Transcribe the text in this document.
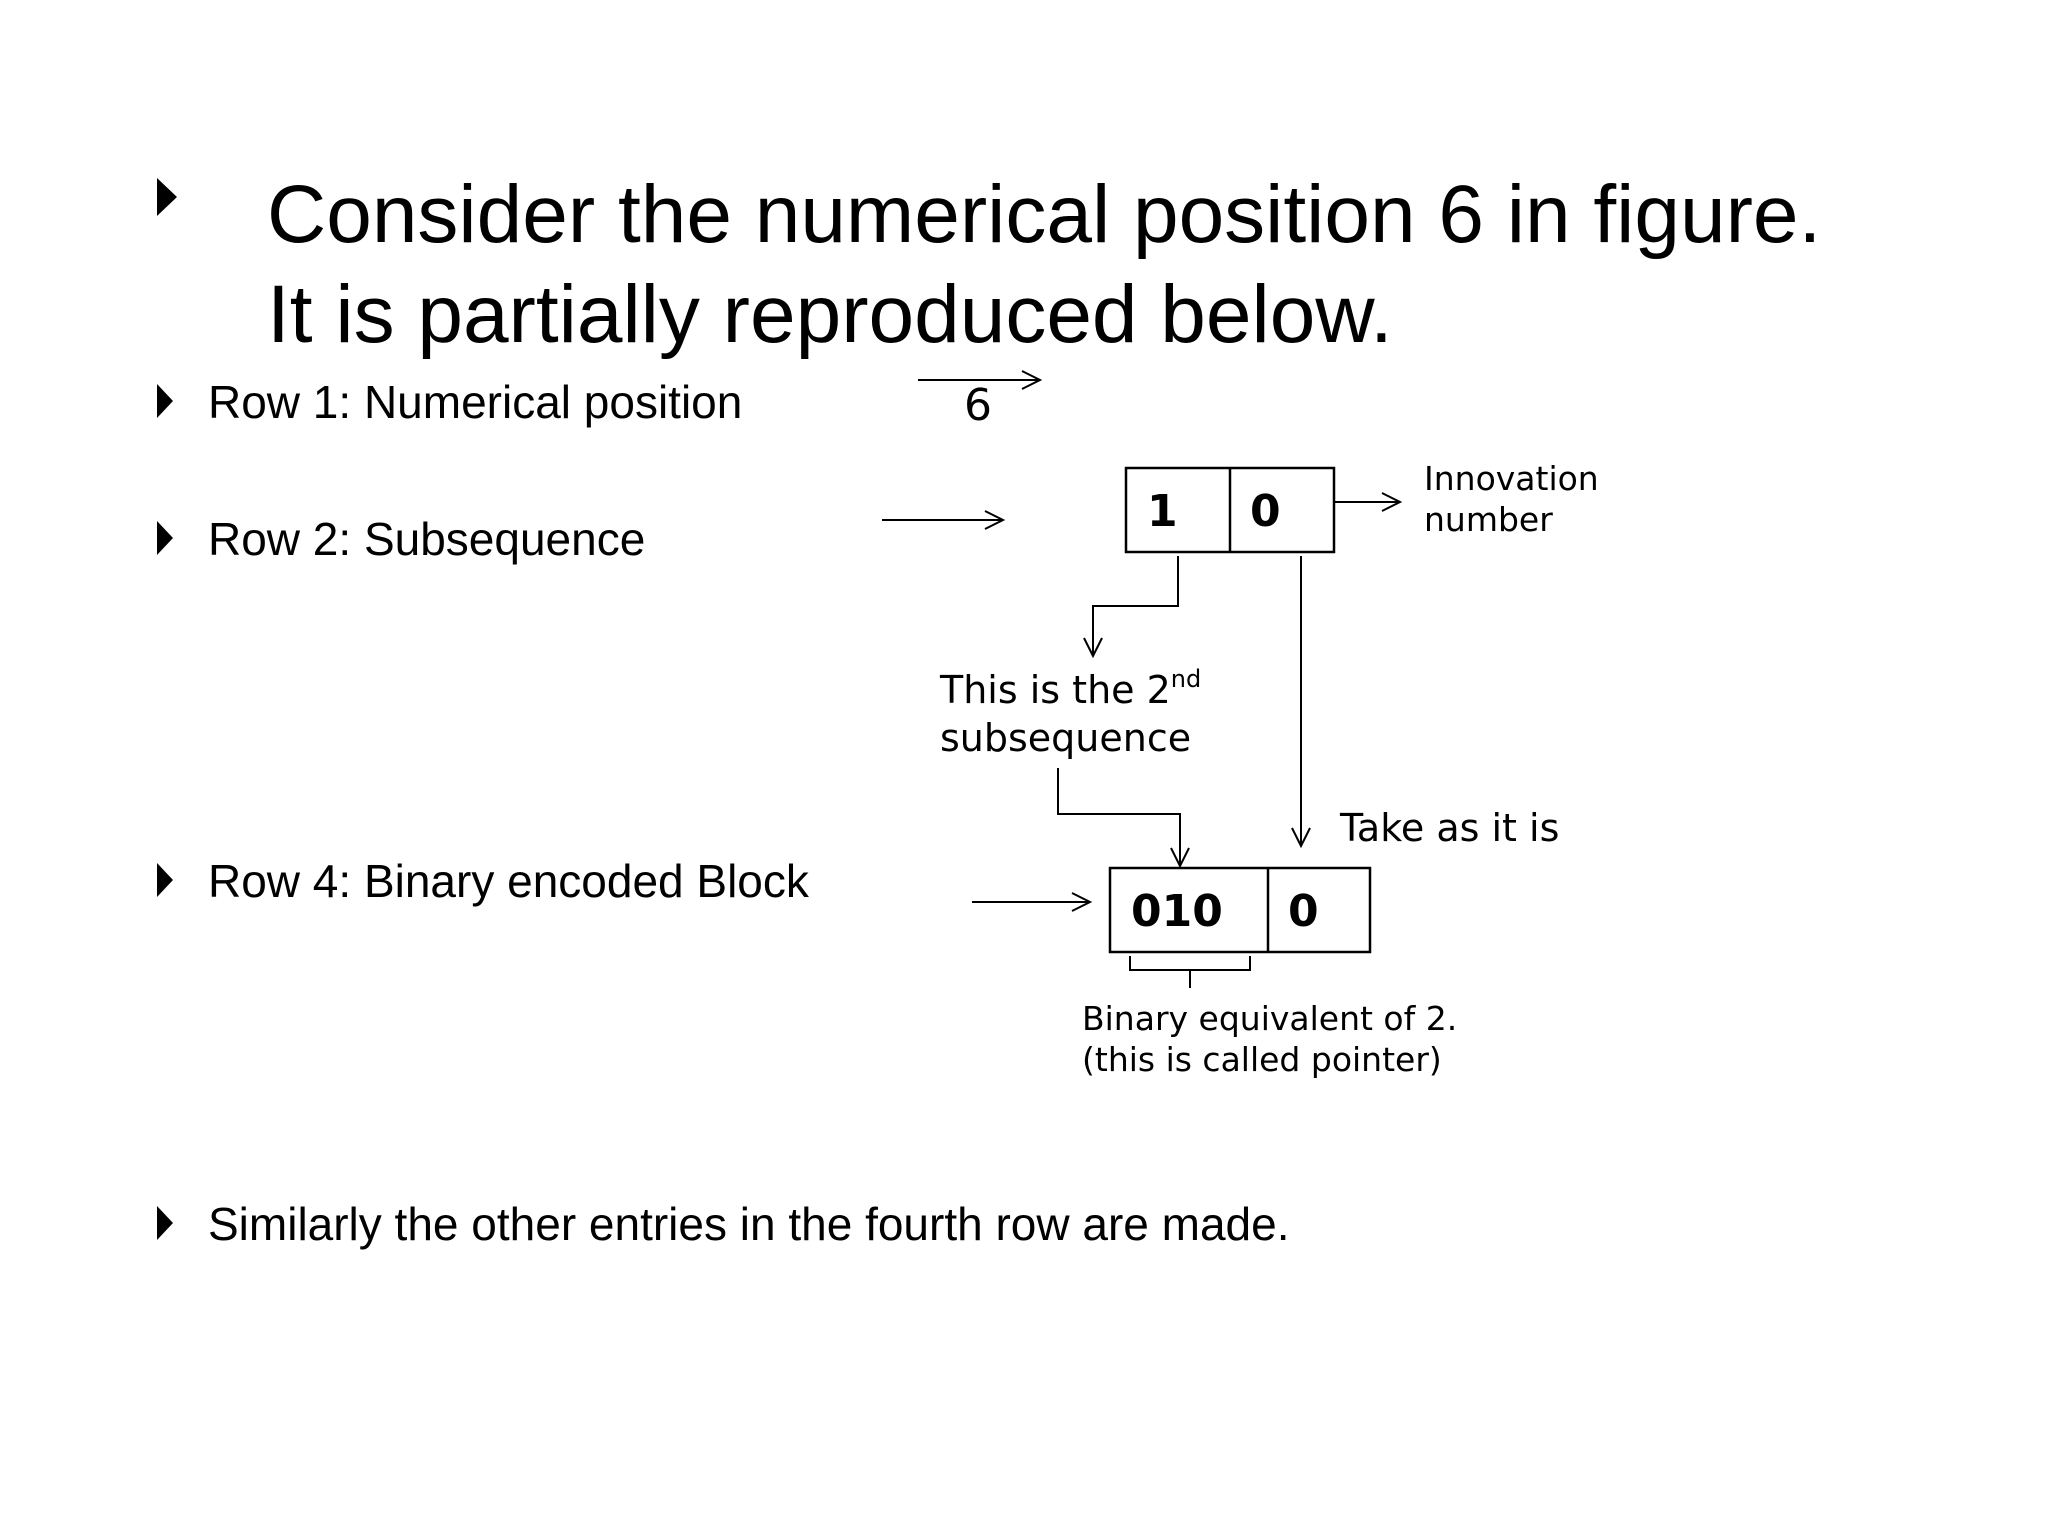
Consider the numerical position 6 in figure.
It is partially reproduced below.
Row 1: Numerical position
Row 2: Subsequence
Row 4: Binary encoded Block
Similarly the other entries in the fourth row are made.
6
1 0
Innovation
number
This is the 2nd
subsequence
Take as it is
010 0
Binary equivalent of 2.
(this is called pointer)
